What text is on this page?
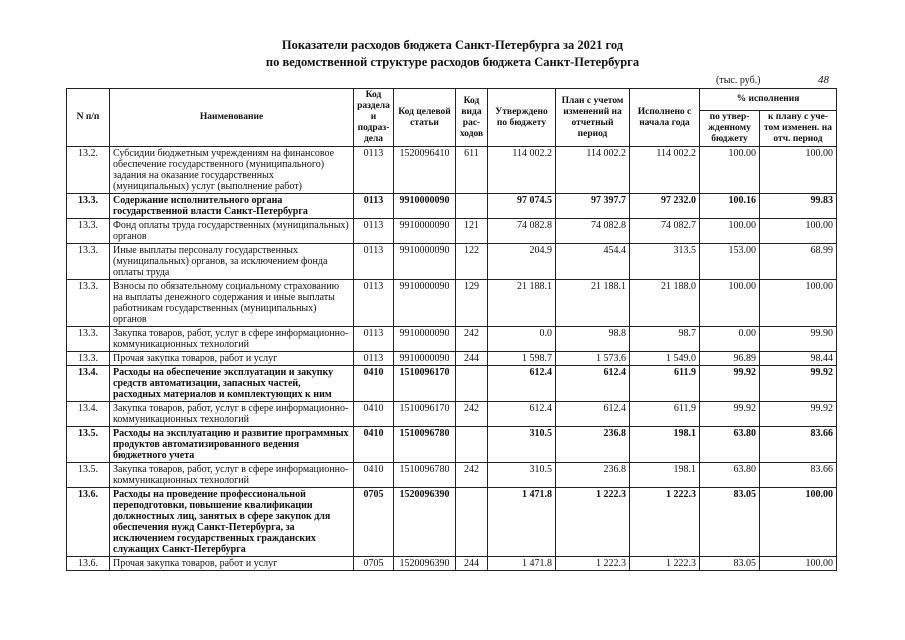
Показатели расходов бюджета Санкт-Петербурга за 2021 год
по ведомственной структуре расходов бюджета Санкт-Петербурга
(тыс. руб.)	48
N п/п	Наименование	Код раздела и подраз-дела	Код целевой статьи	Код вида рас-ходов	Утверждено по бюджету	План с учетом изменений на отчетный период	Исполнено с начала года	% исполнения	
								по утвер-жденному бюджету	к плану с уче-том изменен. на отч. период
13.2.	Субсидии бюджетным учреждениям на финансовое обеспечение государственного (муниципального) задания на оказание государственных (муниципальных) услуг (выполнение работ)	0113	1520096410	611	114 002.2	114 002.2	114 002.2	100.00	100.00
13.3.	Содержание исполнительного органа государственной власти Санкт-Петербурга	0113	9910000090		97 074.5	97 397.7	97 232.0	100.16	99.83
13.3.	Фонд оплаты труда государственных (муниципальных) органов	0113	9910000090	121	74 082.8	74 082.8	74 082.7	100.00	100.00
13.3.	Иные выплаты персоналу государственных (муниципальных) органов, за исключением фонда оплаты труда	0113	9910000090	122	204.9	454.4	313.5	153.00	68.99
13.3.	Взносы по обязательному социальному страхованию на выплаты денежного содержания и иные выплаты работникам государственных (муниципальных) органов	0113	9910000090	129	21 188.1	21 188.1	21 188.0	100.00	100.00
13.3.	Закупка товаров, работ, услуг в сфере информационно-коммуникационных технологий	0113	9910000090	242	0.0	98.8	98.7	0.00	99.90
13.3.	Прочая закупка товаров, работ и услуг	0113	9910000090	244	1 598.7	1 573.6	1 549.0	96.89	98.44
13.4.	Расходы на обеспечение эксплуатации и закупку средств автоматизации, запасных частей, расходных материалов и комплектующих к ним	0410	1510096170		612.4	612.4	611.9	99.92	99.92
13.4.	Закупка товаров, работ, услуг в сфере информационно-коммуникационных технологий	0410	1510096170	242	612.4	612.4	611.9	99.92	99.92
13.5.	Расходы на эксплуатацию и развитие программных продуктов автоматизированного ведения бюджетного учета	0410	1510096780		310.5	236.8	198.1	63.80	83.66
13.5.	Закупка товаров, работ, услуг в сфере информационно-коммуникационных технологий	0410	1510096780	242	310.5	236.8	198.1	63.80	83.66
13.6.	Расходы на проведение профессиональной переподготовки, повышение квалификации должностных лиц, занятых в сфере закупок для обеспечения нужд Санкт-Петербурга, за исключением государственных гражданских служащих Санкт-Петербурга	0705	1520096390		1 471.8	1 222.3	1 222.3	83.05	100.00
13.6.	Прочая закупка товаров, работ и услуг	0705	1520096390	244	1 471.8	1 222.3	1 222.3	83.05	100.00
